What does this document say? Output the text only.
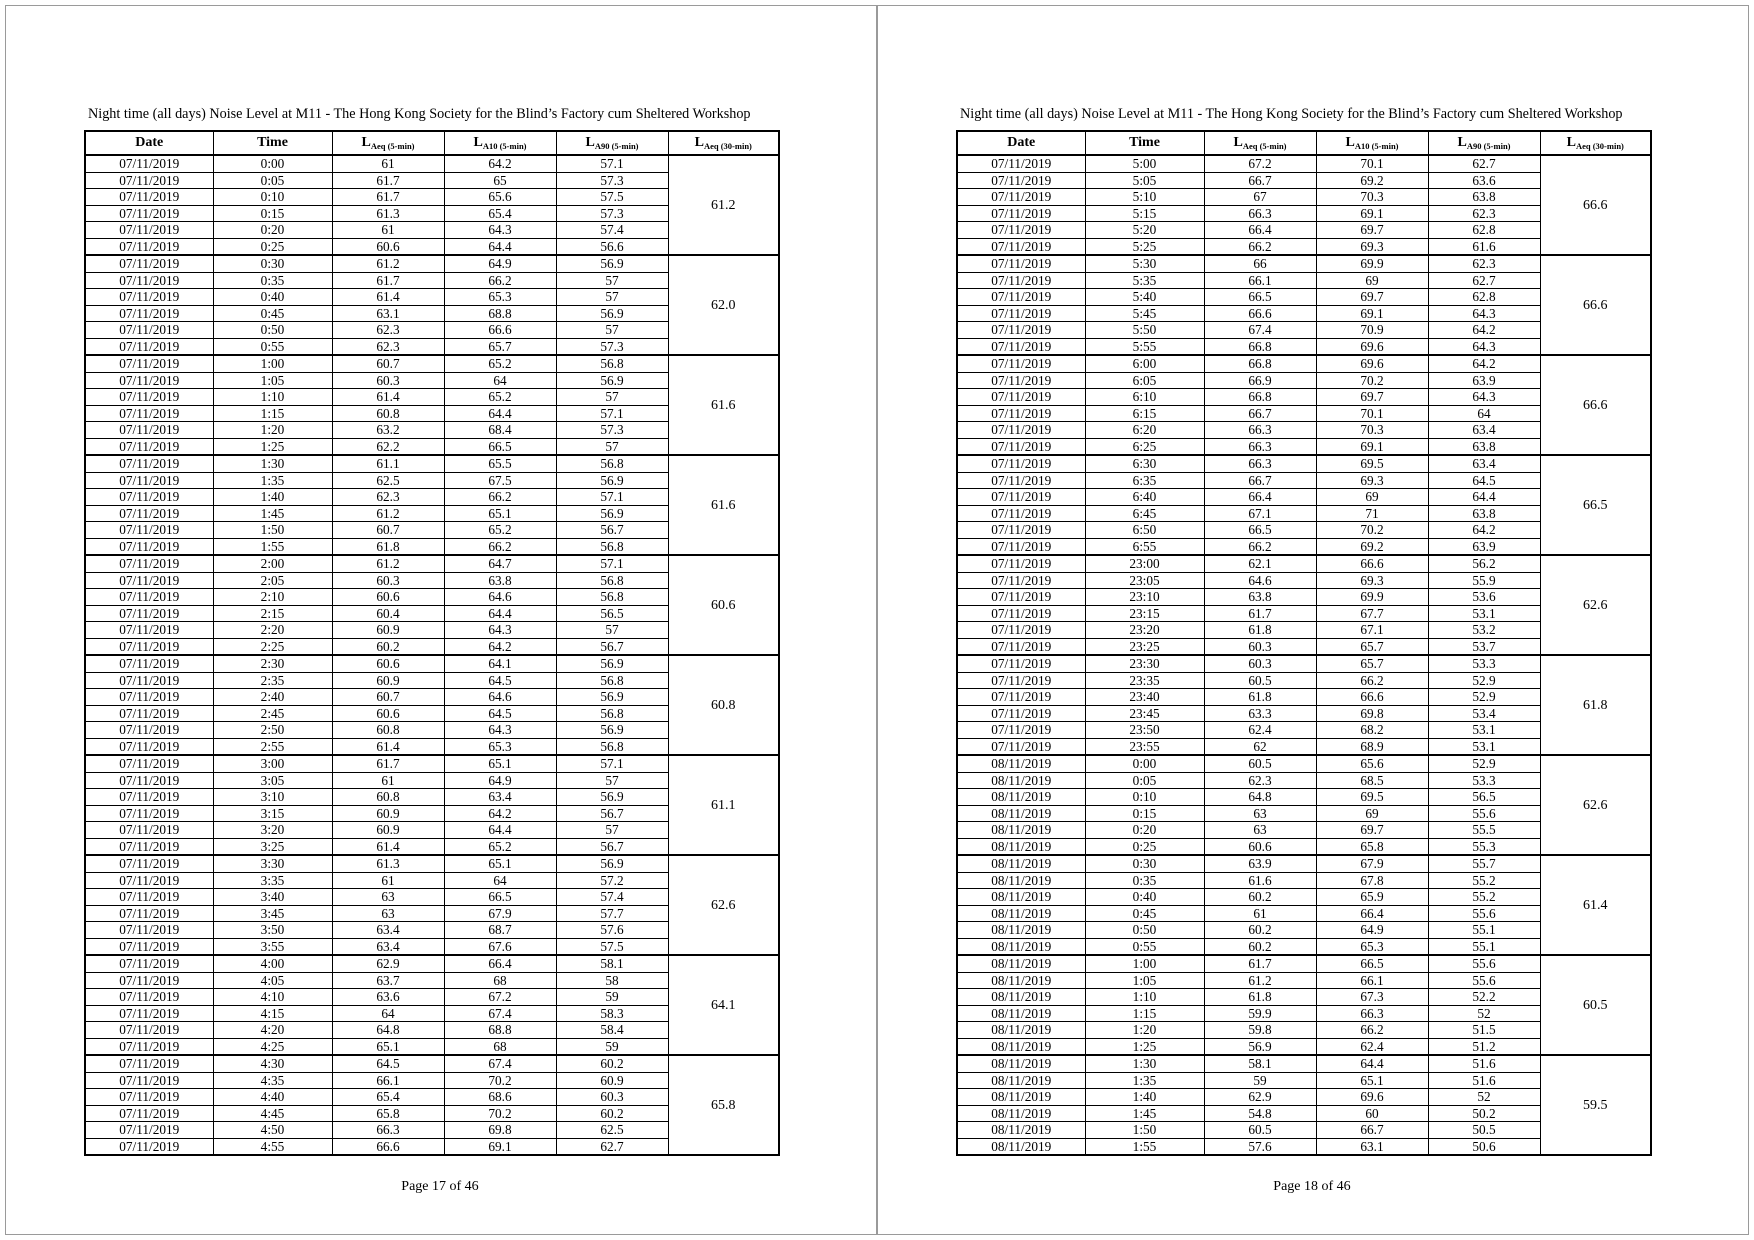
Night time (all days) Noise Level at M11 - The Hong Kong Society for the Blind’s Factory cum Sheltered Workshop
Date	Time	$L_{Aeq (5-min)}$	$L_{A10 (5-min)}$	$L_{A90 (5-min)}$	$L_{Aeq (30-min)}$
07/11/2019	0:00	61	64.2	57.1	61.2
07/11/2019	0:05	61.7	65	57.3	
07/11/2019	0:10	61.7	65.6	57.5	
07/11/2019	0:15	61.3	65.4	57.3	
07/11/2019	0:20	61	64.3	57.4	
07/11/2019	0:25	60.6	64.4	56.6	
07/11/2019	0:30	61.2	64.9	56.9	62.0
07/11/2019	0:35	61.7	66.2	57	
07/11/2019	0:40	61.4	65.3	57	
07/11/2019	0:45	63.1	68.8	56.9	
07/11/2019	0:50	62.3	66.6	57	
07/11/2019	0:55	62.3	65.7	57.3	
07/11/2019	1:00	60.7	65.2	56.8	61.6
07/11/2019	1:05	60.3	64	56.9	
07/11/2019	1:10	61.4	65.2	57	
07/11/2019	1:15	60.8	64.4	57.1	
07/11/2019	1:20	63.2	68.4	57.3	
07/11/2019	1:25	62.2	66.5	57	
07/11/2019	1:30	61.1	65.5	56.8	61.6
07/11/2019	1:35	62.5	67.5	56.9	
07/11/2019	1:40	62.3	66.2	57.1	
07/11/2019	1:45	61.2	65.1	56.9	
07/11/2019	1:50	60.7	65.2	56.7	
07/11/2019	1:55	61.8	66.2	56.8	
07/11/2019	2:00	61.2	64.7	57.1	60.6
07/11/2019	2:05	60.3	63.8	56.8	
07/11/2019	2:10	60.6	64.6	56.8	
07/11/2019	2:15	60.4	64.4	56.5	
07/11/2019	2:20	60.9	64.3	57	
07/11/2019	2:25	60.2	64.2	56.7	
07/11/2019	2:30	60.6	64.1	56.9	60.8
07/11/2019	2:35	60.9	64.5	56.8	
07/11/2019	2:40	60.7	64.6	56.9	
07/11/2019	2:45	60.6	64.5	56.8	
07/11/2019	2:50	60.8	64.3	56.9	
07/11/2019	2:55	61.4	65.3	56.8	
07/11/2019	3:00	61.7	65.1	57.1	61.1
07/11/2019	3:05	61	64.9	57	
07/11/2019	3:10	60.8	63.4	56.9	
07/11/2019	3:15	60.9	64.2	56.7	
07/11/2019	3:20	60.9	64.4	57	
07/11/2019	3:25	61.4	65.2	56.7	
07/11/2019	3:30	61.3	65.1	56.9	62.6
07/11/2019	3:35	61	64	57.2	
07/11/2019	3:40	63	66.5	57.4	
07/11/2019	3:45	63	67.9	57.7	
07/11/2019	3:50	63.4	68.7	57.6	
07/11/2019	3:55	63.4	67.6	57.5	
07/11/2019	4:00	62.9	66.4	58.1	64.1
07/11/2019	4:05	63.7	68	58	
07/11/2019	4:10	63.6	67.2	59	
07/11/2019	4:15	64	67.4	58.3	
07/11/2019	4:20	64.8	68.8	58.4	
07/11/2019	4:25	65.1	68	59	
07/11/2019	4:30	64.5	67.4	60.2	65.8
07/11/2019	4:35	66.1	70.2	60.9	
07/11/2019	4:40	65.4	68.6	60.3	
07/11/2019	4:45	65.8	70.2	60.2	
07/11/2019	4:50	66.3	69.8	62.5	
07/11/2019	4:55	66.6	69.1	62.7	
Page 17 of 46
Night time (all days) Noise Level at M11 - The Hong Kong Society for the Blind’s Factory cum Sheltered Workshop
Date	Time	$L_{Aeq (5-min)}$	$L_{A10 (5-min)}$	$L_{A90 (5-min)}$	$L_{Aeq (30-min)}$
07/11/2019	5:00	67.2	70.1	62.7	66.6
07/11/2019	5:05	66.7	69.2	63.6	
07/11/2019	5:10	67	70.3	63.8	
07/11/2019	5:15	66.3	69.1	62.3	
07/11/2019	5:20	66.4	69.7	62.8	
07/11/2019	5:25	66.2	69.3	61.6	
07/11/2019	5:30	66	69.9	62.3	66.6
07/11/2019	5:35	66.1	69	62.7	
07/11/2019	5:40	66.5	69.7	62.8	
07/11/2019	5:45	66.6	69.1	64.3	
07/11/2019	5:50	67.4	70.9	64.2	
07/11/2019	5:55	66.8	69.6	64.3	
07/11/2019	6:00	66.8	69.6	64.2	66.6
07/11/2019	6:05	66.9	70.2	63.9	
07/11/2019	6:10	66.8	69.7	64.3	
07/11/2019	6:15	66.7	70.1	64	
07/11/2019	6:20	66.3	70.3	63.4	
07/11/2019	6:25	66.3	69.1	63.8	
07/11/2019	6:30	66.3	69.5	63.4	66.5
07/11/2019	6:35	66.7	69.3	64.5	
07/11/2019	6:40	66.4	69	64.4	
07/11/2019	6:45	67.1	71	63.8	
07/11/2019	6:50	66.5	70.2	64.2	
07/11/2019	6:55	66.2	69.2	63.9	
07/11/2019	23:00	62.1	66.6	56.2	62.6
07/11/2019	23:05	64.6	69.3	55.9	
07/11/2019	23:10	63.8	69.9	53.6	
07/11/2019	23:15	61.7	67.7	53.1	
07/11/2019	23:20	61.8	67.1	53.2	
07/11/2019	23:25	60.3	65.7	53.7	
07/11/2019	23:30	60.3	65.7	53.3	61.8
07/11/2019	23:35	60.5	66.2	52.9	
07/11/2019	23:40	61.8	66.6	52.9	
07/11/2019	23:45	63.3	69.8	53.4	
07/11/2019	23:50	62.4	68.2	53.1	
07/11/2019	23:55	62	68.9	53.1	
08/11/2019	0:00	60.5	65.6	52.9	62.6
08/11/2019	0:05	62.3	68.5	53.3	
08/11/2019	0:10	64.8	69.5	56.5	
08/11/2019	0:15	63	69	55.6	
08/11/2019	0:20	63	69.7	55.5	
08/11/2019	0:25	60.6	65.8	55.3	
08/11/2019	0:30	63.9	67.9	55.7	61.4
08/11/2019	0:35	61.6	67.8	55.2	
08/11/2019	0:40	60.2	65.9	55.2	
08/11/2019	0:45	61	66.4	55.6	
08/11/2019	0:50	60.2	64.9	55.1	
08/11/2019	0:55	60.2	65.3	55.1	
08/11/2019	1:00	61.7	66.5	55.6	60.5
08/11/2019	1:05	61.2	66.1	55.6	
08/11/2019	1:10	61.8	67.3	52.2	
08/11/2019	1:15	59.9	66.3	52	
08/11/2019	1:20	59.8	66.2	51.5	
08/11/2019	1:25	56.9	62.4	51.2	
08/11/2019	1:30	58.1	64.4	51.6	59.5
08/11/2019	1:35	59	65.1	51.6	
08/11/2019	1:40	62.9	69.6	52	
08/11/2019	1:45	54.8	60	50.2	
08/11/2019	1:50	60.5	66.7	50.5	
08/11/2019	1:55	57.6	63.1	50.6	
Page 18 of 46
